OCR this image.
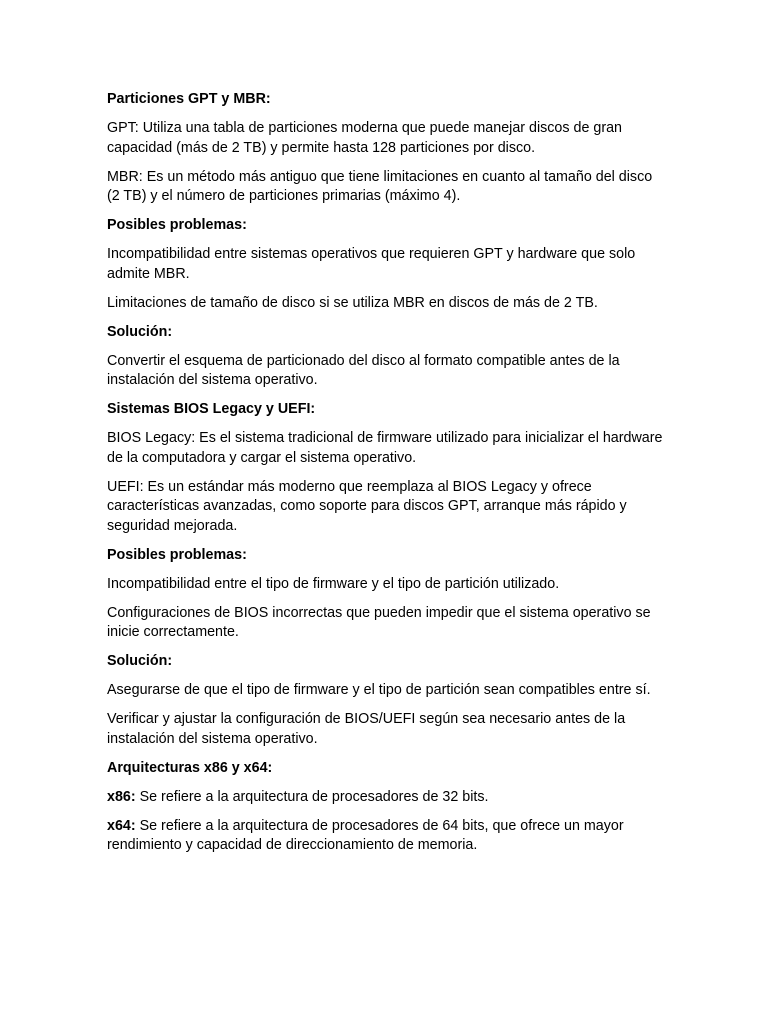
Particiones GPT y MBR:
GPT: Utiliza una tabla de particiones moderna que puede manejar discos de gran capacidad (más de 2 TB) y permite hasta 128 particiones por disco.
MBR: Es un método más antiguo que tiene limitaciones en cuanto al tamaño del disco (2 TB) y el número de particiones primarias (máximo 4).
Posibles problemas:
Incompatibilidad entre sistemas operativos que requieren GPT y hardware que solo admite MBR.
Limitaciones de tamaño de disco si se utiliza MBR en discos de más de 2 TB.
Solución:
Convertir el esquema de particionado del disco al formato compatible antes de la instalación del sistema operativo.
Sistemas BIOS Legacy y UEFI:
BIOS Legacy: Es el sistema tradicional de firmware utilizado para inicializar el hardware de la computadora y cargar el sistema operativo.
UEFI: Es un estándar más moderno que reemplaza al BIOS Legacy y ofrece características avanzadas, como soporte para discos GPT, arranque más rápido y seguridad mejorada.
Posibles problemas:
Incompatibilidad entre el tipo de firmware y el tipo de partición utilizado.
Configuraciones de BIOS incorrectas que pueden impedir que el sistema operativo se inicie correctamente.
Solución:
Asegurarse de que el tipo de firmware y el tipo de partición sean compatibles entre sí.
Verificar y ajustar la configuración de BIOS/UEFI según sea necesario antes de la instalación del sistema operativo.
Arquitecturas x86 y x64:
x86: Se refiere a la arquitectura de procesadores de 32 bits.
x64: Se refiere a la arquitectura de procesadores de 64 bits, que ofrece un mayor rendimiento y capacidad de direccionamiento de memoria.
